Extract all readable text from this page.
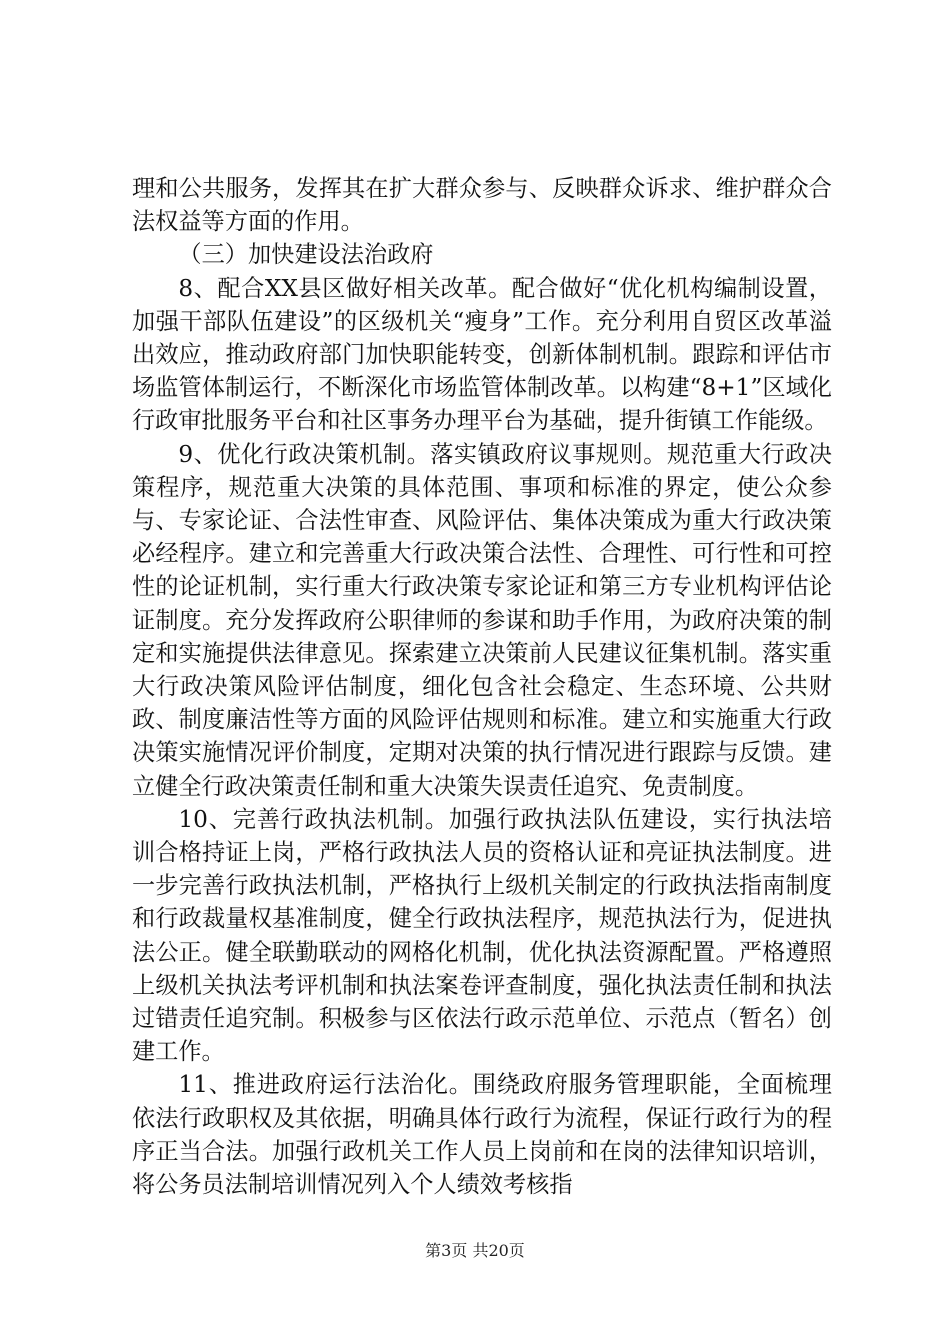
理和公共服务，发挥其在扩大群众参与、反映群众诉求、维护群众合法权益等方面的作用。

（三）加快建设法治政府

8、配合XX县区做好相关改革。配合做好“优化机构编制设置，加强干部队伍建设”的区级机关“瘦身”工作。充分利用自贸区改革溢出效应，推动政府部门加快职能转变，创新体制机制。跟踪和评估市场监管体制运行，不断深化市场监管体制改革。以构建“8+1”区域化行政审批服务平台和社区事务办理平台为基础，提升街镇工作能级。

9、优化行政决策机制。落实镇政府议事规则。规范重大行政决策程序，规范重大决策的具体范围、事项和标准的界定，使公众参与、专家论证、合法性审查、风险评估、集体决策成为重大行政决策必经程序。建立和完善重大行政决策合法性、合理性、可行性和可控性的论证机制，实行重大行政决策专家论证和第三方专业机构评估论证制度。充分发挥政府公职律师的参谋和助手作用，为政府决策的制定和实施提供法律意见。探索建立决策前人民建议征集机制。落实重大行政决策风险评估制度，细化包含社会稳定、生态环境、公共财政、制度廉洁性等方面的风险评估规则和标准。建立和实施重大行政决策实施情况评价制度，定期对决策的执行情况进行跟踪与反馈。建立健全行政决策责任制和重大决策失误责任追究、免责制度。

10、完善行政执法机制。加强行政执法队伍建设，实行执法培训合格持证上岗，严格行政执法人员的资格认证和亮证执法制度。进一步完善行政执法机制，严格执行上级机关制定的行政执法指南制度和行政裁量权基准制度，健全行政执法程序，规范执法行为，促进执法公正。健全联勤联动的网格化机制，优化执法资源配置。严格遵照上级机关执法考评机制和执法案卷评查制度，强化执法责任制和执法过错责任追究制。积极参与区依法行政示范单位、示范点（暂名）创建工作。

11、推进政府运行法治化。围绕政府服务管理职能，全面梳理依法行政职权及其依据，明确具体行政行为流程，保证行政行为的程序正当合法。加强行政机关工作人员上岗前和在岗的法律知识培训，将公务员法制培训情况列入个人绩效考核指

第3页 共20页
